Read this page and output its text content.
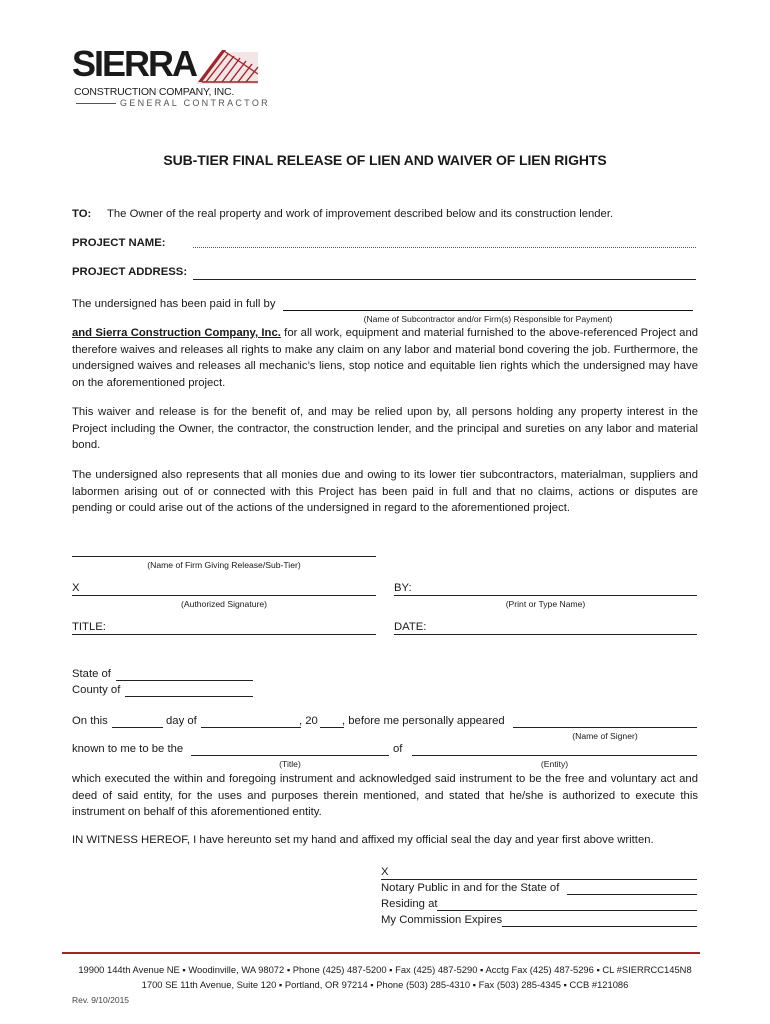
SIERRA
CONSTRUCTION COMPANY, INC.
GENERAL CONTRACTOR
SUB-TIER FINAL RELEASE OF LIEN AND WAIVER OF LIEN RIGHTS
TO: The Owner of the real property and work of improvement described below and its construction lender.
PROJECT NAME:
PROJECT ADDRESS:
The undersigned has been paid in full by
(Name of Subcontractor and/or Firm(s) Responsible for Payment)
and Sierra Construction Company, Inc. for all work, equipment and material furnished to the above-referenced Project and therefore waives and releases all rights to make any claim on any labor and material bond covering the job. Furthermore, the undersigned waives and releases all mechanic’s liens, stop notice and equitable lien rights which the undersigned may have on the aforementioned project.
This waiver and release is for the benefit of, and may be relied upon by, all persons holding any property interest in the Project including the Owner, the contractor, the construction lender, and the principal and sureties on any labor and material bond.
The undersigned also represents that all monies due and owing to its lower tier subcontractors, materialman, suppliers and labormen arising out of or connected with this Project has been paid in full and that no claims, actions or disputes are pending or could arise out of the actions of the undersigned in regard to the aforementioned project.
(Name of Firm Giving Release/Sub-Tier)
X
(Authorized Signature)
BY:
(Print or Type Name)
TITLE:	DATE:
State of
County of
On this	day of	, 20 , before me personally appeared
(Name of Signer)
known to me to be the	of
(Title)	(Entity)
which executed the within and foregoing instrument and acknowledged said instrument to be the free and voluntary act and deed of said entity, for the uses and purposes therein mentioned, and stated that he/she is authorized to execute this instrument on behalf of this aforementioned entity.
IN WITNESS HEREOF, I have hereunto set my hand and affixed my official seal the day and year first above written.
X
Notary Public in and for the State of
Residing at
My Commission Expires
19900 144th Avenue NE ▪ Woodinville, WA 98072 ▪ Phone (425) 487-5200 ▪ Fax (425) 487-5290 ▪ Acctg Fax (425) 487-5296 ▪ CL #SIERRCC145N8
1700 SE 11th Avenue, Suite 120 ▪ Portland, OR 97214 ▪ Phone (503) 285-4310 ▪ Fax (503) 285-4345 ▪ CCB #121086
Rev. 9/10/2015
